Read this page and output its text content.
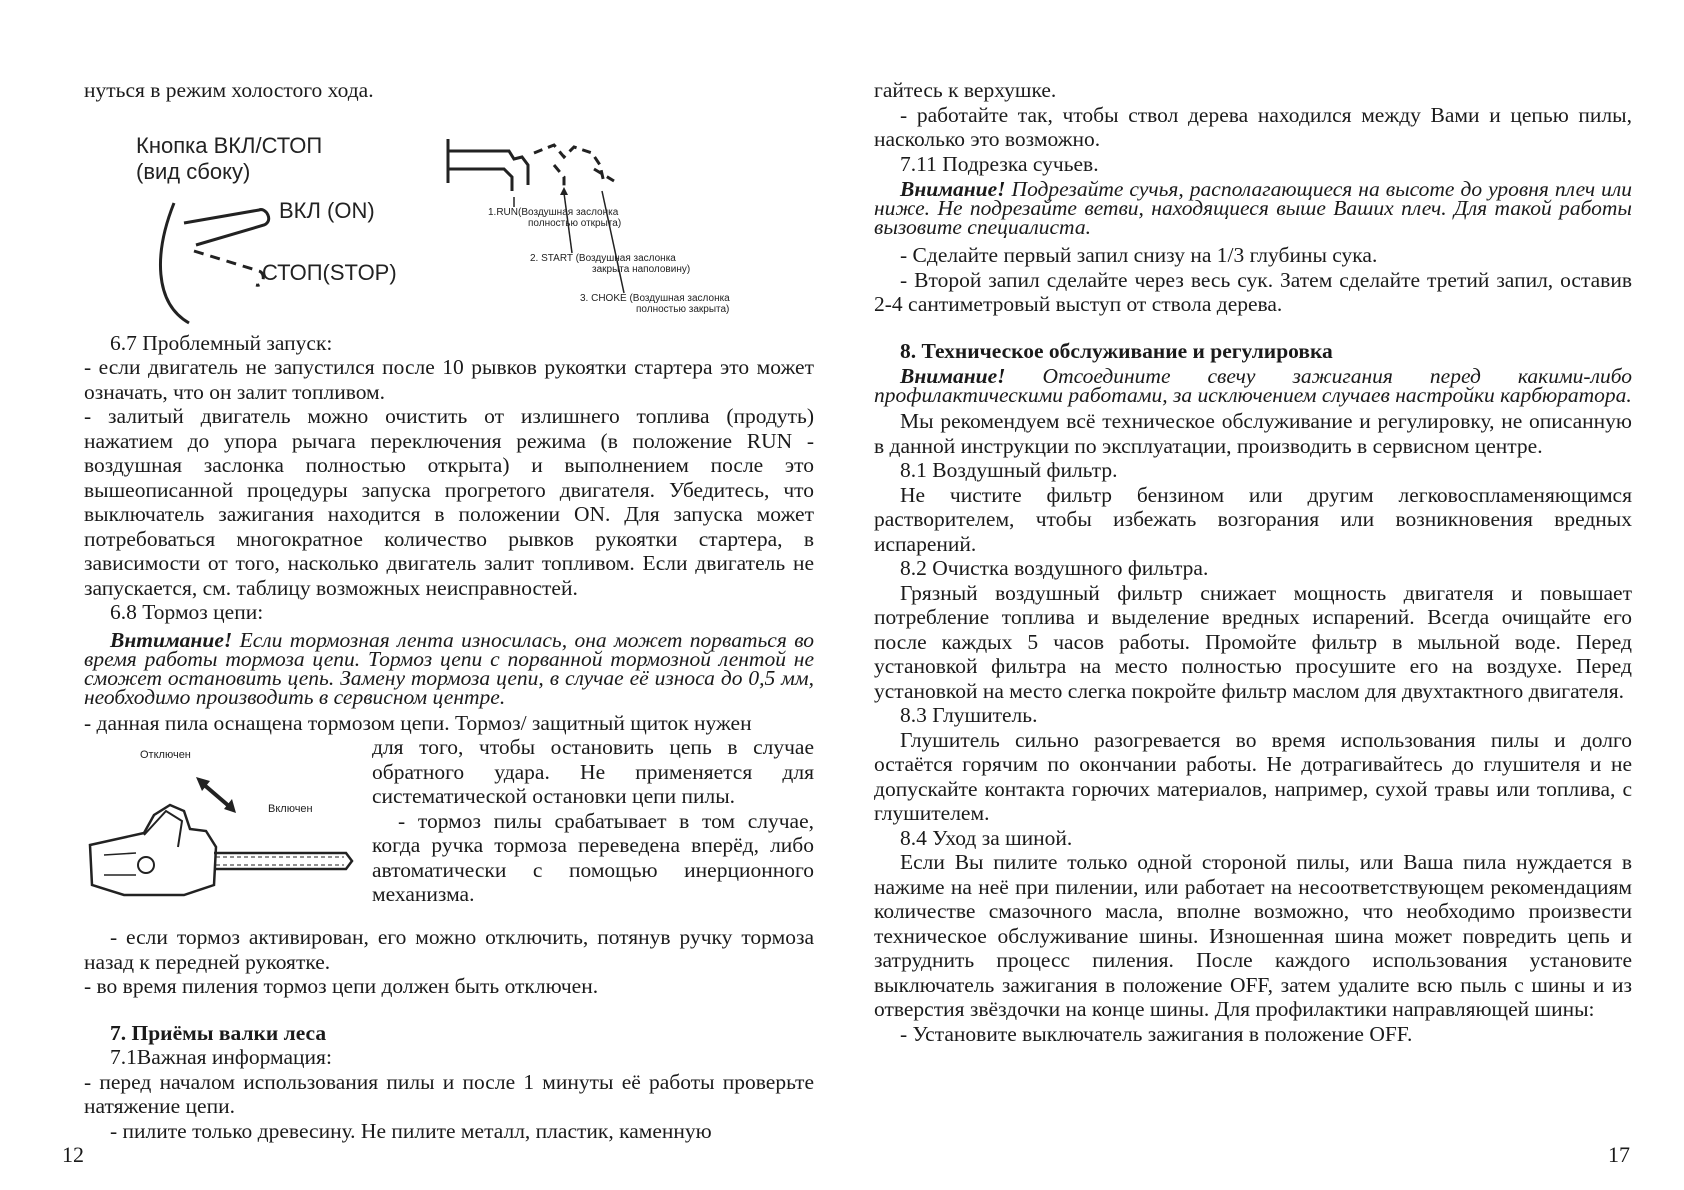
нуться в режим холостого хода.

Кнопка ВКЛ/СТОП
(вид сбоку)
ВКЛ (ON)
СТОП(STOP)
1.RUN(Воздушная заслонка
полностью открыта)
2. START (Воздушная заслонка
закрыта наполовину)
3. CHOKE (Воздушная заслонка
полностью закрыта)

6.7 Проблемный запуск:

- если двигатель не запустился после 10 рывков рукоятки стартера это может означать, что он залит топливом.

- залитый двигатель можно очистить от излишнего топлива (продуть) нажатием до упора рычага переключения режима (в положение RUN - воздушная заслонка полностью открыта) и выполнением после это вышеописанной процедуры запуска прогретого двигателя. Убедитесь, что выключатель зажигания находится в положении ON. Для запуска может потребоваться многократное количество рывков рукоятки стартера, в зависимости от того, насколько двигатель залит топливом. Если двигатель не запускается, см. таблицу возможных неисправностей.

6.8 Тормоз цепи:

Внтимание! Если тормозная лента износилась, она может порваться во время работы тормоза цепи. Тормоз цепи с порванной тормозной лентой не сможет остановить цепь. Замену тормоза цепи, в случае её износа до 0,5 мм, необходимо производить в сервисном центре.

- данная пила оснащена тормозом цепи. Тормоз/ защитный щиток нужен

Отключен
Включен

для того, чтобы остановить цепь в случае обратного удара. Не применяется для систематической остановки цепи пилы.

- тормоз пилы срабатывает в том случае, когда ручка тормоза переведена вперёд, либо автоматически с помощью инерционного механизма.

- если тормоз активирован, его можно отключить, потянув ручку тормоза назад к передней рукоятке.

- во время пиления тормоз цепи должен быть отключен.

7. Приёмы валки леса

7.1Важная информация:

- перед началом использования пилы и после 1 минуты её работы проверьте натяжение цепи.

- пилите только древесину. Не пилите металл, пластик, каменную

12

гайтесь к верхушке.

- работайте так, чтобы ствол дерева находился между Вами и цепью пилы, насколько это возможно.

7.11 Подрезка сучьев.

Внимание! Подрезайте сучья, располагающиеся на высоте до уровня плеч или ниже. Не подрезайте ветви, находящиеся выше Ваших плеч. Для такой работы вызовите специалиста.

- Сделайте первый запил снизу на 1/3 глубины сука.

- Второй запил сделайте через весь сук. Затем сделайте третий запил, оставив 2-4 сантиметровый выступ от ствола дерева.

8. Техническое обслуживание и регулировка

Внимание! Отсоедините свечу зажигания перед какими-либо профилактическими работами, за исключением случаев настройки карбюратора.

Мы рекомендуем всё техническое обслуживание и регулировку, не описанную в данной инструкции по эксплуатации, производить в сервисном центре.

8.1 Воздушный фильтр.

Не чистите фильтр бензином или другим легковоспламеняющимся растворителем, чтобы избежать возгорания или возникновения вредных испарений.

8.2 Очистка воздушного фильтра.

Грязный воздушный фильтр снижает мощность двигателя и повышает потребление топлива и выделение вредных испарений. Всегда очищайте его после каждых 5 часов работы. Промойте фильтр в мыльной воде. Перед установкой фильтра на место полностью просушите его на воздухе. Перед установкой на место слегка покройте фильтр маслом для двухтактного двигателя.

8.3 Глушитель.

Глушитель сильно разогревается во время использования пилы и долго остаётся горячим по окончании работы. Не дотрагивайтесь до глушителя и не допускайте контакта горючих материалов, например, сухой травы или топлива, с глушителем.

8.4 Уход за шиной.

Если Вы пилите только одной стороной пилы, или Ваша пила нуждается в нажиме на неё при пилении, или работает на несоответствующем рекомендациям количестве смазочного масла, вполне возможно, что необходимо произвести техническое обслуживание шины. Изношенная шина может повредить цепь и затруднить процесс пиления. После каждого использования установите выключатель зажигания в положение OFF, затем удалите всю пыль с шины и из отверстия звёздочки на конце шины. Для профилактики направляющей шины:

- Установите выключатель зажигания в положение OFF.

17
